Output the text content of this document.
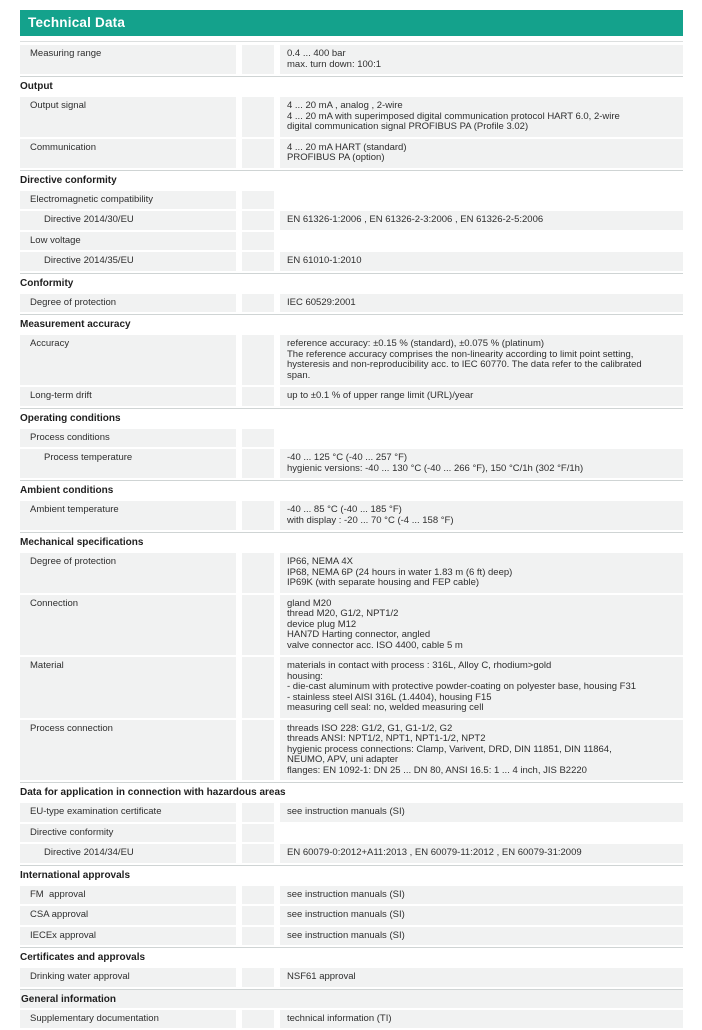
Technical Data
Measuring range	0.4 ... 400 bar
max. turn down: 100:1
Output
Output signal	4 ... 20 mA , analog , 2-wire
4 ... 20 mA with superimposed digital communication protocol HART 6.0, 2-wire
digital communication signal PROFIBUS PA (Profile 3.02)
Communication	4 ... 20 mA HART (standard)
PROFIBUS PA (option)
Directive conformity
Electromagnetic compatibility
Directive 2014/30/EU	EN 61326-1:2006 , EN 61326-2-3:2006 , EN 61326-2-5:2006
Low voltage
Directive 2014/35/EU	EN 61010-1:2010
Conformity
Degree of protection	IEC 60529:2001
Measurement accuracy
Accuracy	reference accuracy: ±0.15 % (standard), ±0.075 % (platinum)
The reference accuracy comprises the non-linearity according to limit point setting,
hysteresis and non-reproducibility acc. to IEC 60770. The data refer to the calibrated
span.
Long-term drift	up to ±0.1 % of upper range limit (URL)/year
Operating conditions
Process conditions
Process temperature	-40 ... 125 °C (-40 ... 257 °F)
hygienic versions: -40 ... 130 °C (-40 ... 266 °F), 150 °C/1h (302 °F/1h)
Ambient conditions
Ambient temperature	-40 ... 85 °C (-40 ... 185 °F)
with display : -20 ... 70 °C (-4 ... 158 °F)
Mechanical specifications
Degree of protection	IP66, NEMA 4X
IP68, NEMA 6P (24 hours in water 1.83 m (6 ft) deep)
IP69K (with separate housing and FEP cable)
Connection	gland M20
thread M20, G1/2, NPT1/2
device plug M12
HAN7D Harting connector, angled
valve connector acc. ISO 4400, cable 5 m
Material	materials in contact with process : 316L, Alloy C, rhodium>gold
housing:
- die-cast aluminum with protective powder-coating on polyester base, housing F31
- stainless steel AISI 316L (1.4404), housing F15
measuring cell seal: no, welded measuring cell
Process connection	threads ISO 228: G1/2, G1, G1-1/2, G2
threads ANSI: NPT1/2, NPT1, NPT1-1/2, NPT2
hygienic process connections: Clamp, Varivent, DRD, DIN 11851, DIN 11864,
NEUMO, APV, uni adapter
flanges: EN 1092-1: DN 25 ... DN 80, ANSI 16.5: 1 ... 4 inch, JIS B2220
Data for application in connection with hazardous areas
EU-type examination certificate	see instruction manuals (SI)
Directive conformity
Directive 2014/34/EU	EN 60079-0:2012+A11:2013 , EN 60079-11:2012 , EN 60079-31:2009
International approvals
FM  approval	see instruction manuals (SI)
CSA approval	see instruction manuals (SI)
IECEx approval	see instruction manuals (SI)
Certificates and approvals
Drinking water approval	NSF61 approval
General information
Supplementary documentation	technical information (TI)
